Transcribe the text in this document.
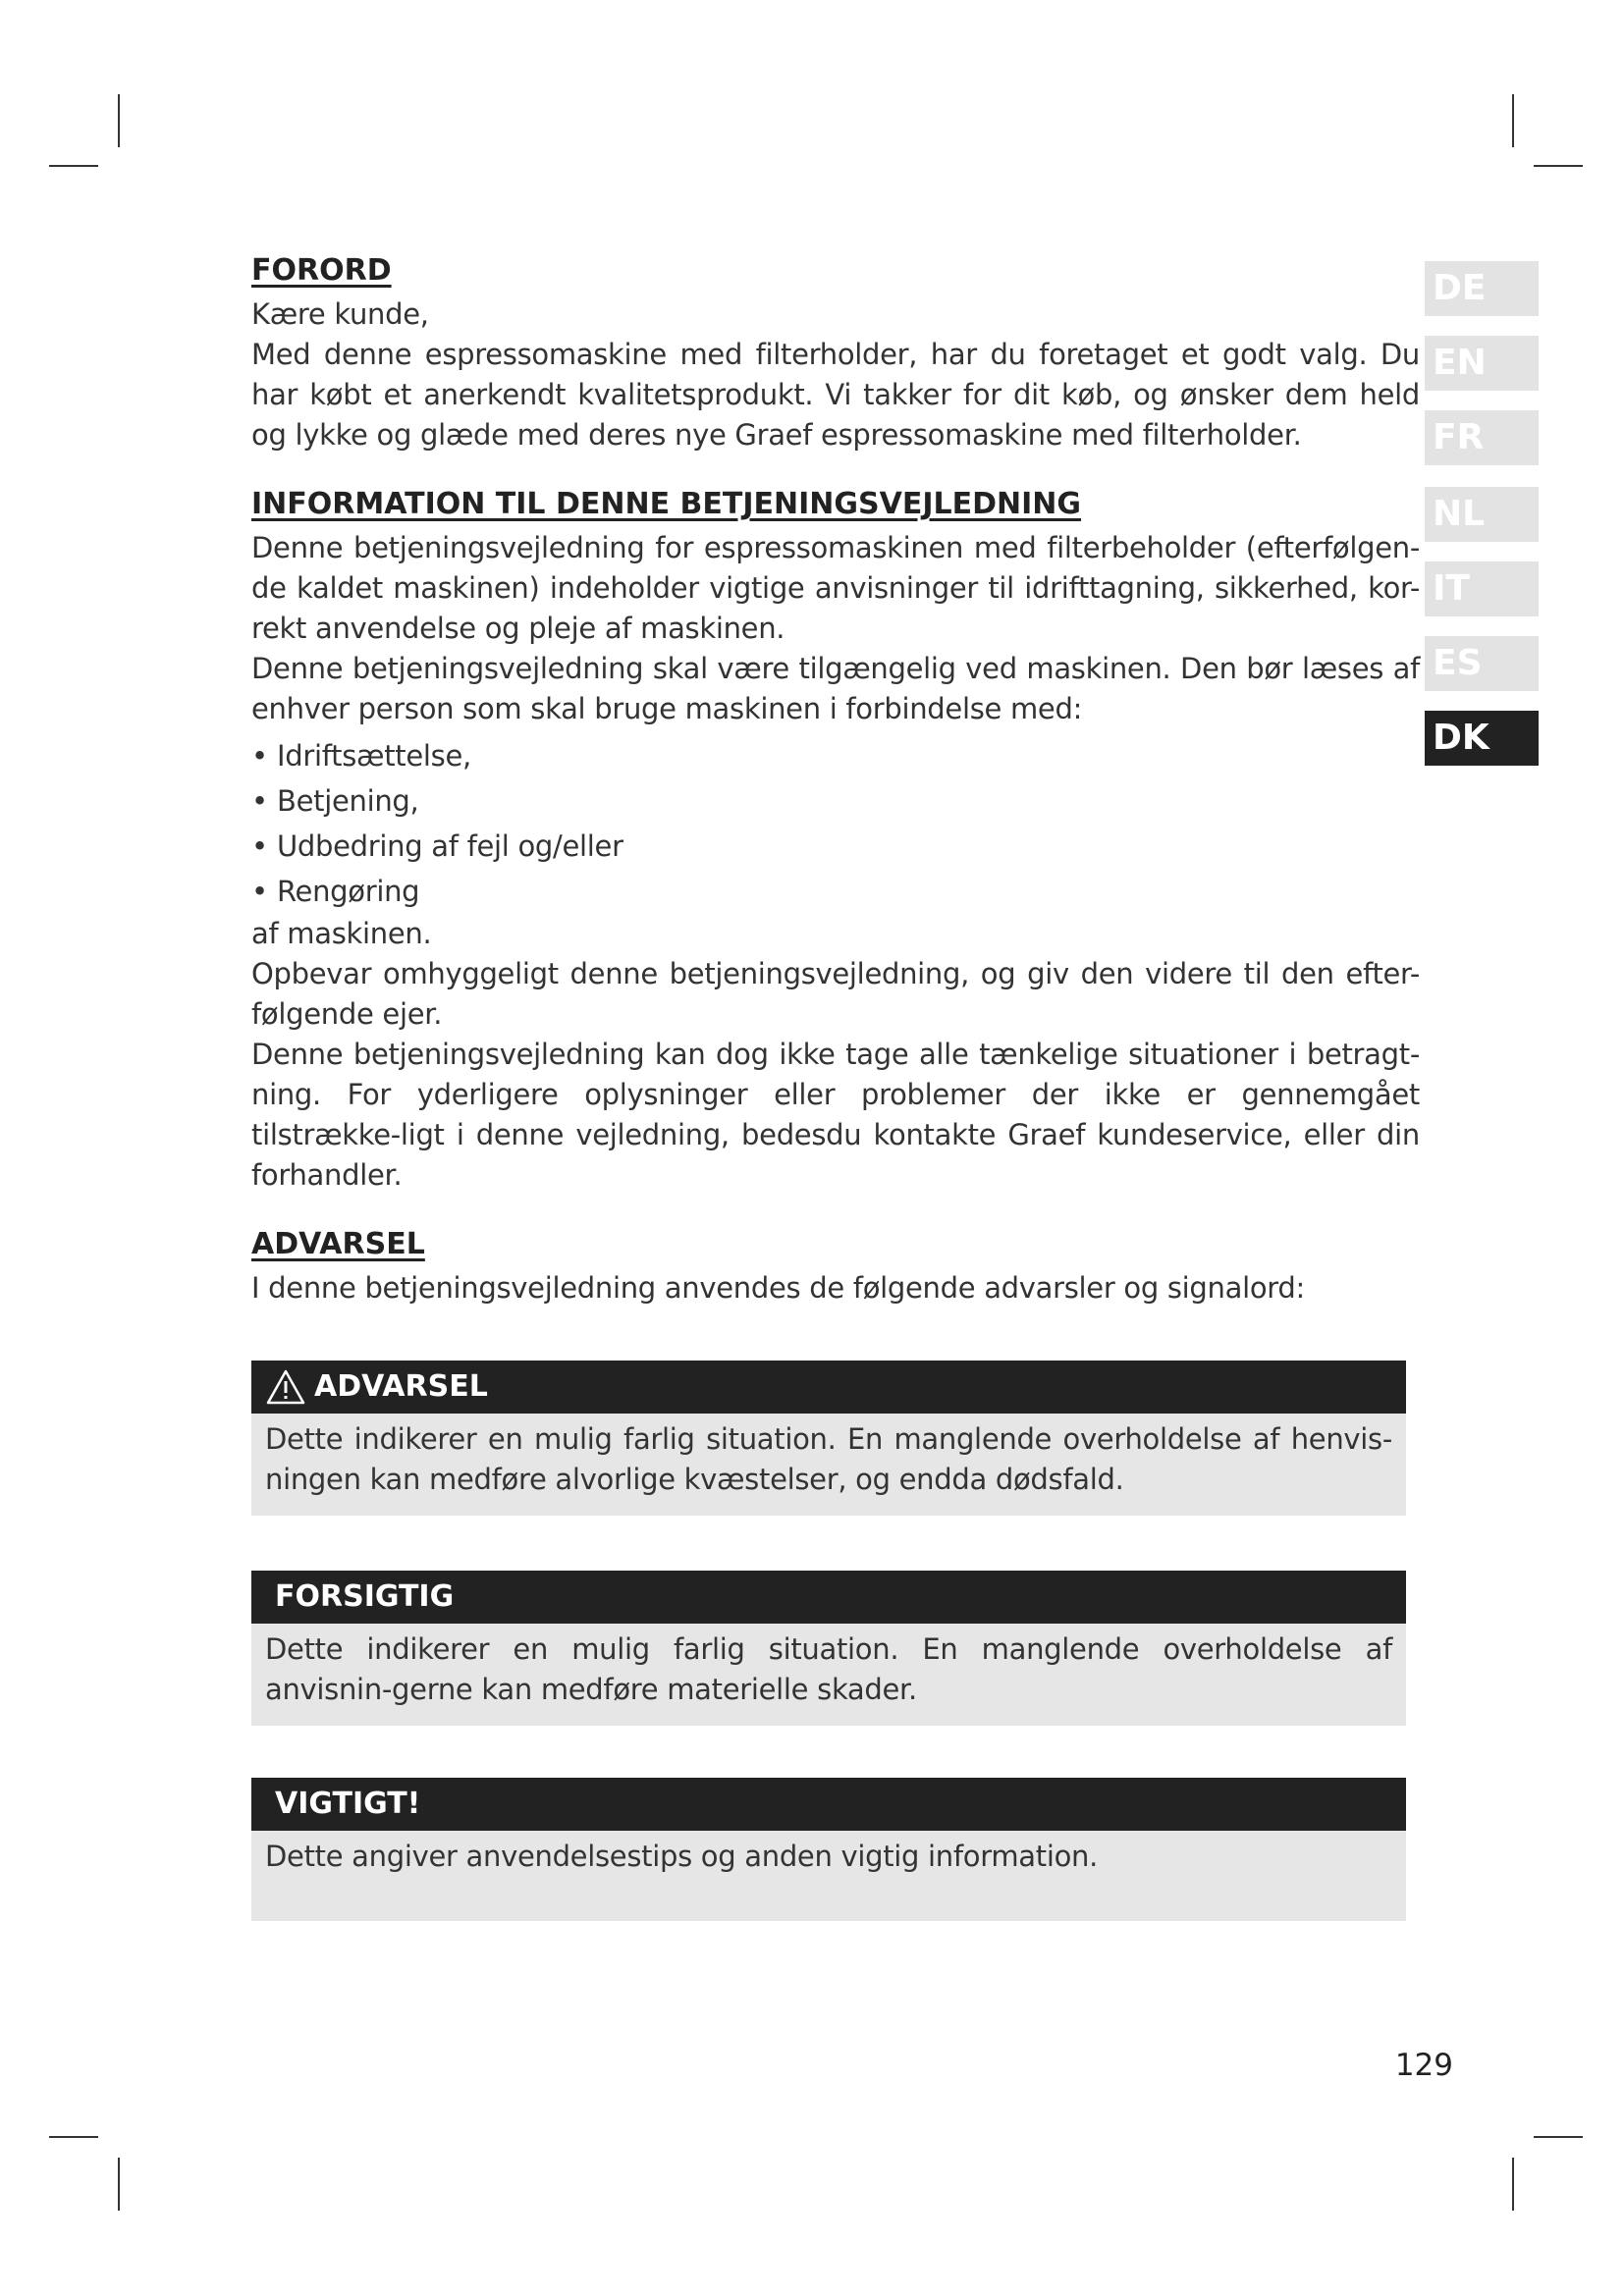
DE
EN
FR
NL
IT
ES
DK
FORORD

Kære kunde,

Med denne espressomaskine med filterholder, har du foretaget et godt valg. Du har købt et anerkendt kvalitetsprodukt. Vi takker for dit køb, og ønsker dem held og lykke og glæde med deres nye Graef espressomaskine med filterholder.

INFORMATION TIL DENNE BETJENINGSVEJLEDNING

Denne betjeningsvejledning for espressomaskinen med filterbeholder (efterfølgen-de kaldet maskinen) indeholder vigtige anvisninger til idrifttagning, sikkerhed, kor-rekt anvendelse og pleje af maskinen.

Denne betjeningsvejledning skal være tilgængelig ved maskinen. Den bør læses af enhver person som skal bruge maskinen i forbindelse med:

• Idriftsættelse,
• Betjening,
• Udbedring af fejl og/eller
• Rengøring

af maskinen.

Opbevar omhyggeligt denne betjeningsvejledning, og giv den videre til den efter-følgende ejer.

Denne betjeningsvejledning kan dog ikke tage alle tænkelige situationer i betragt-ning. For yderligere oplysninger eller problemer der ikke er gennemgået tilstrække-ligt i denne vejledning, bedesdu kontakte Graef kundeservice, eller din forhandler.

ADVARSEL

I denne betjeningsvejledning anvendes de følgende advarsler og signalord:

ADVARSEL
Dette indikerer en mulig farlig situation. En manglende overholdelse af henvis-ningen kan medføre alvorlige kvæstelser, og endda dødsfald.
FORSIGTIG
Dette indikerer en mulig farlig situation. En manglende overholdelse af anvisnin-gerne kan medføre materielle skader.
VIGTIGT!
Dette angiver anvendelsestips og anden vigtig information.
129
